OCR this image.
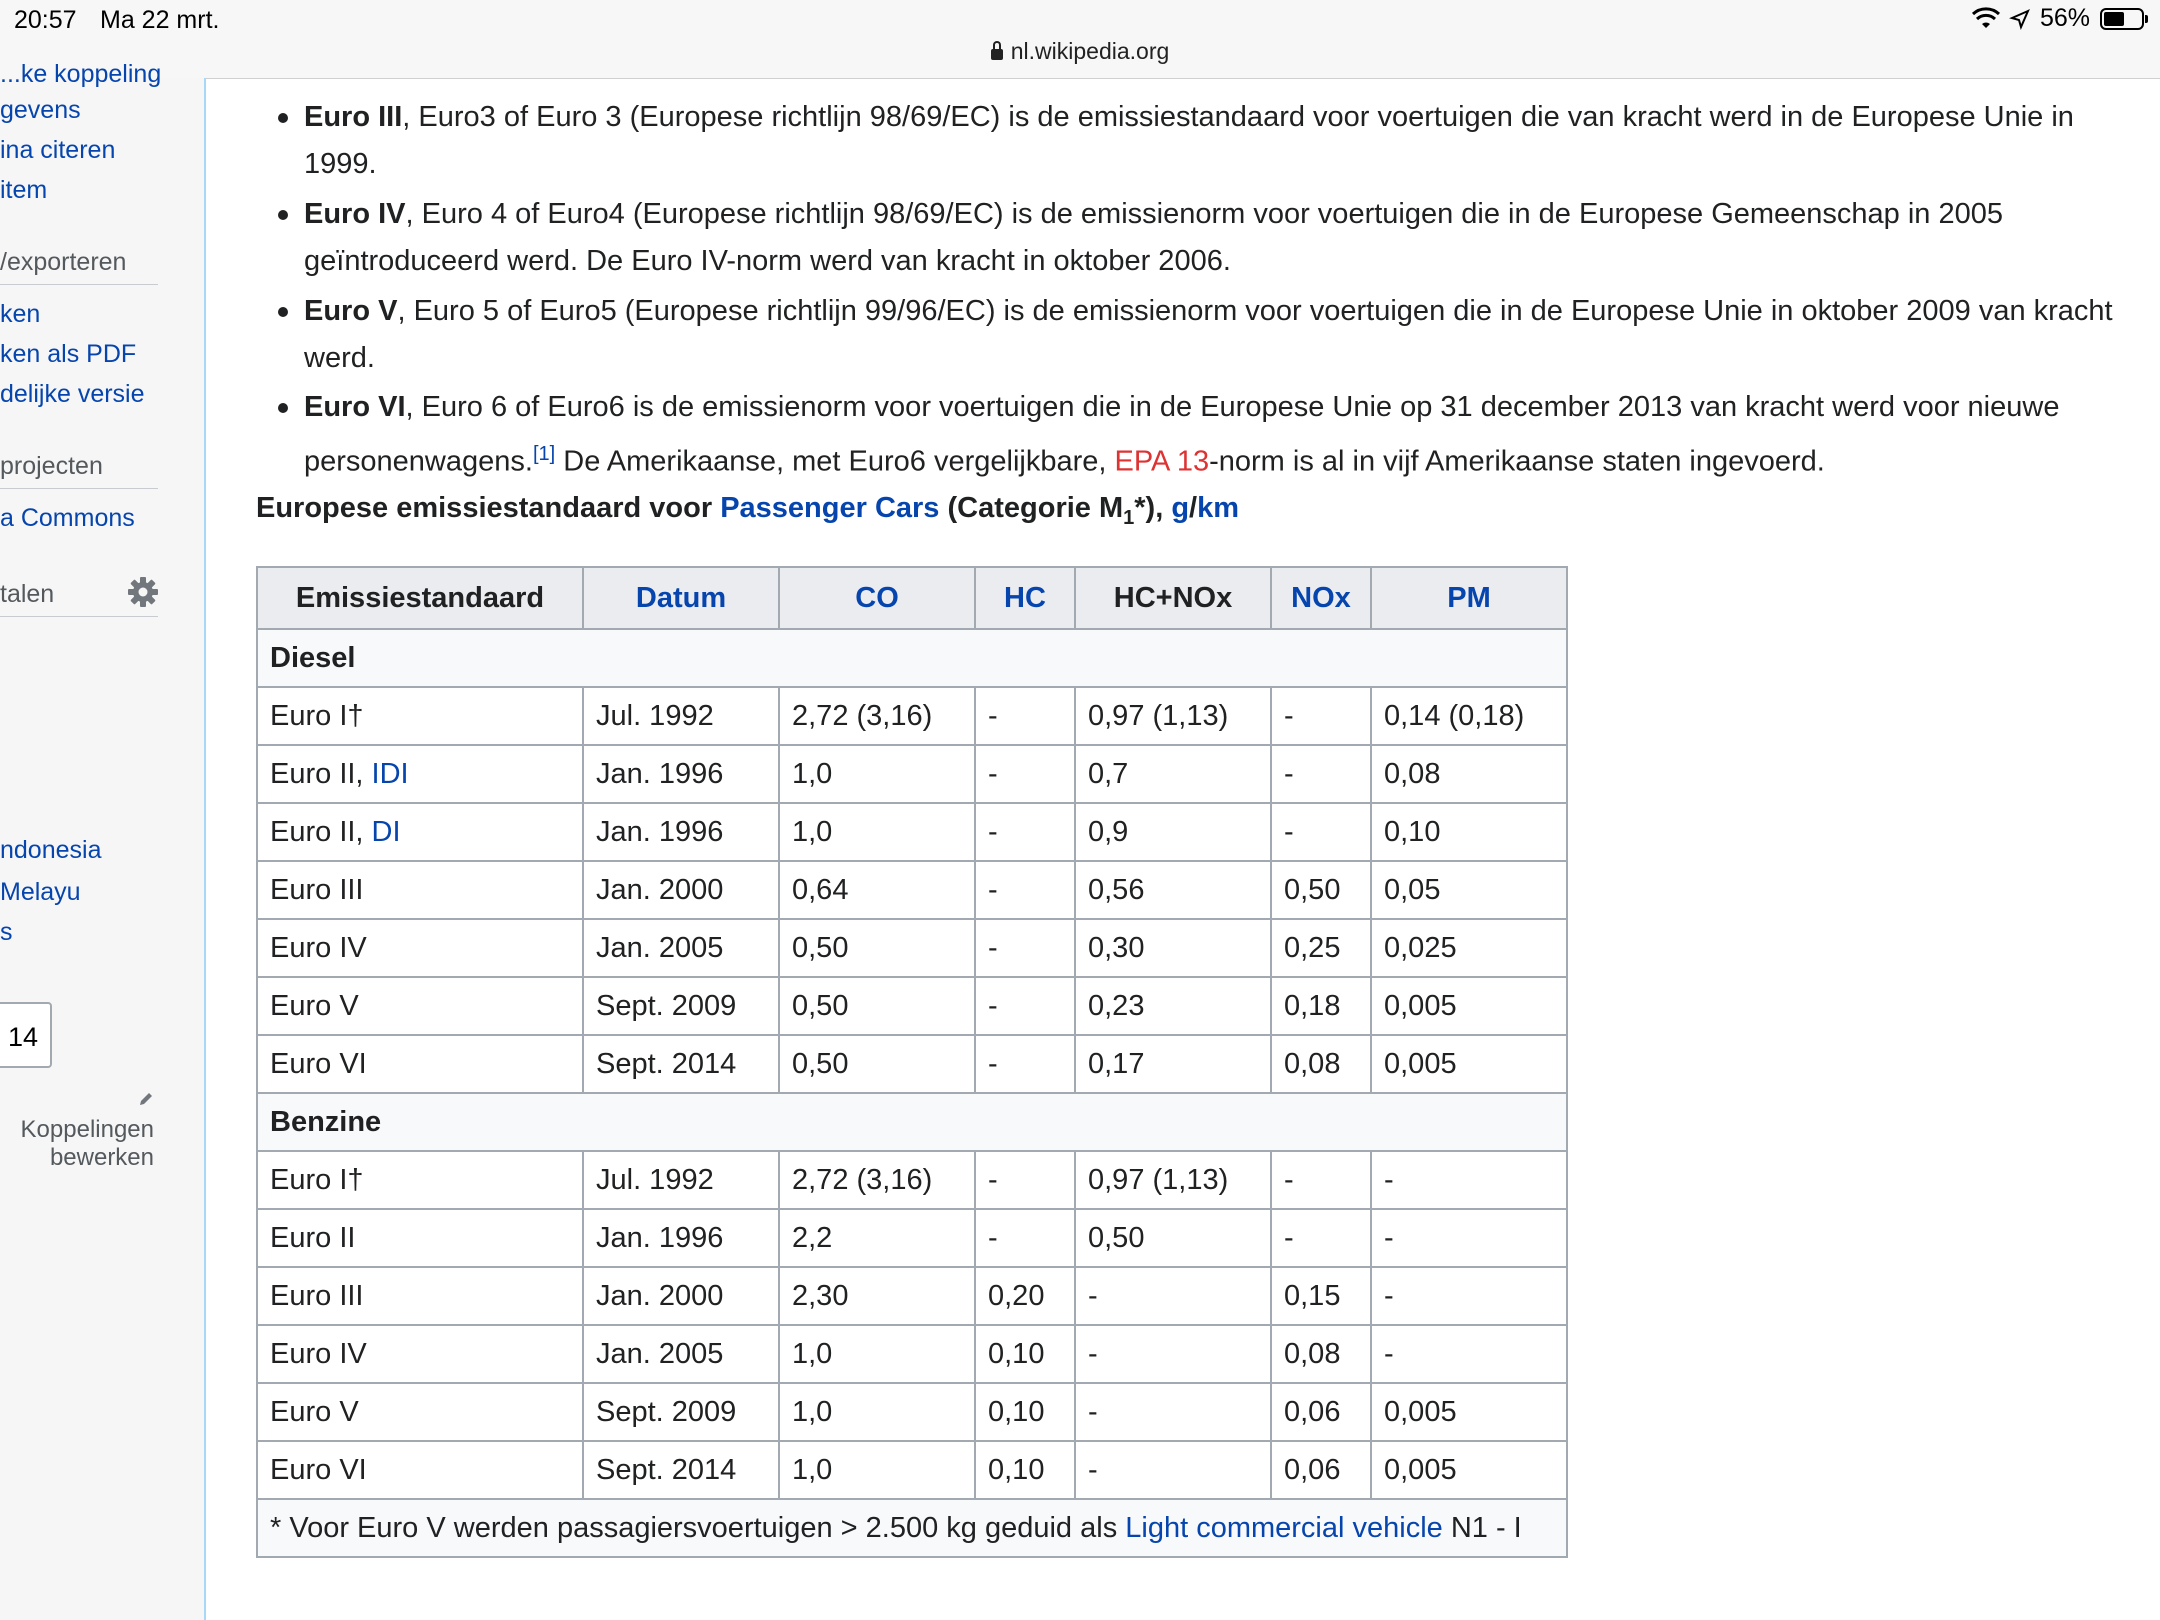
20:57 Ma 22 mrt.	56%
nl.wikipedia.org
...ke koppeling
gevens
ina citeren
item
/exporteren
ken
ken als PDF
delijke versie
projecten
a Commons
talen
ndonesia
Melayu
s
14
Koppelingen bewerken
Euro III, Euro3 of Euro 3 (Europese richtlijn 98/69/EC) is de emissiestandaard voor voertuigen die van kracht werd in de Europese Unie in 1999.
Euro IV, Euro 4 of Euro4 (Europese richtlijn 98/69/EC) is de emissienorm voor voertuigen die in de Europese Gemeenschap in 2005 geïntroduceerd werd. De Euro IV-norm werd van kracht in oktober 2006.
Euro V, Euro 5 of Euro5 (Europese richtlijn 99/96/EC) is de emissienorm voor voertuigen die in de Europese Unie in oktober 2009 van kracht werd.
Euro VI, Euro 6 of Euro6 is de emissienorm voor voertuigen die in de Europese Unie op 31 december 2013 van kracht werd voor nieuwe personenwagens.[1] De Amerikaanse, met Euro6 vergelijkbare, EPA 13-norm is al in vijf Amerikaanse staten ingevoerd.
Europese emissiestandaard voor Passenger Cars (Categorie $M_1*$), g/km
Emissiestandaard	Datum	CO	HC	HC+NOx	NOx	PM
Diesel						
Euro I†	Jul. 1992	2,72 (3,16)	-	0,97 (1,13)	-	0,14 (0,18)
Euro II, IDI	Jan. 1996	1,0	-	0,7	-	0,08
Euro II, DI	Jan. 1996	1,0	-	0,9	-	0,10
Euro III	Jan. 2000	0,64	-	0,56	0,50	0,05
Euro IV	Jan. 2005	0,50	-	0,30	0,25	0,025
Euro V	Sept. 2009	0,50	-	0,23	0,18	0,005
Euro VI	Sept. 2014	0,50	-	0,17	0,08	0,005
Benzine						
Euro I†	Jul. 1992	2,72 (3,16)	-	0,97 (1,13)	-	-
Euro II	Jan. 1996	2,2	-	0,50	-	-
Euro III	Jan. 2000	2,30	0,20	-	0,15	-
Euro IV	Jan. 2005	1,0	0,10	-	0,08	-
Euro V	Sept. 2009	1,0	0,10	-	0,06	0,005
Euro VI	Sept. 2014	1,0	0,10	-	0,06	0,005
* Voor Euro V werden passagiersvoertuigen > 2.500 kg geduid als Light commercial vehicle N1 - I						
